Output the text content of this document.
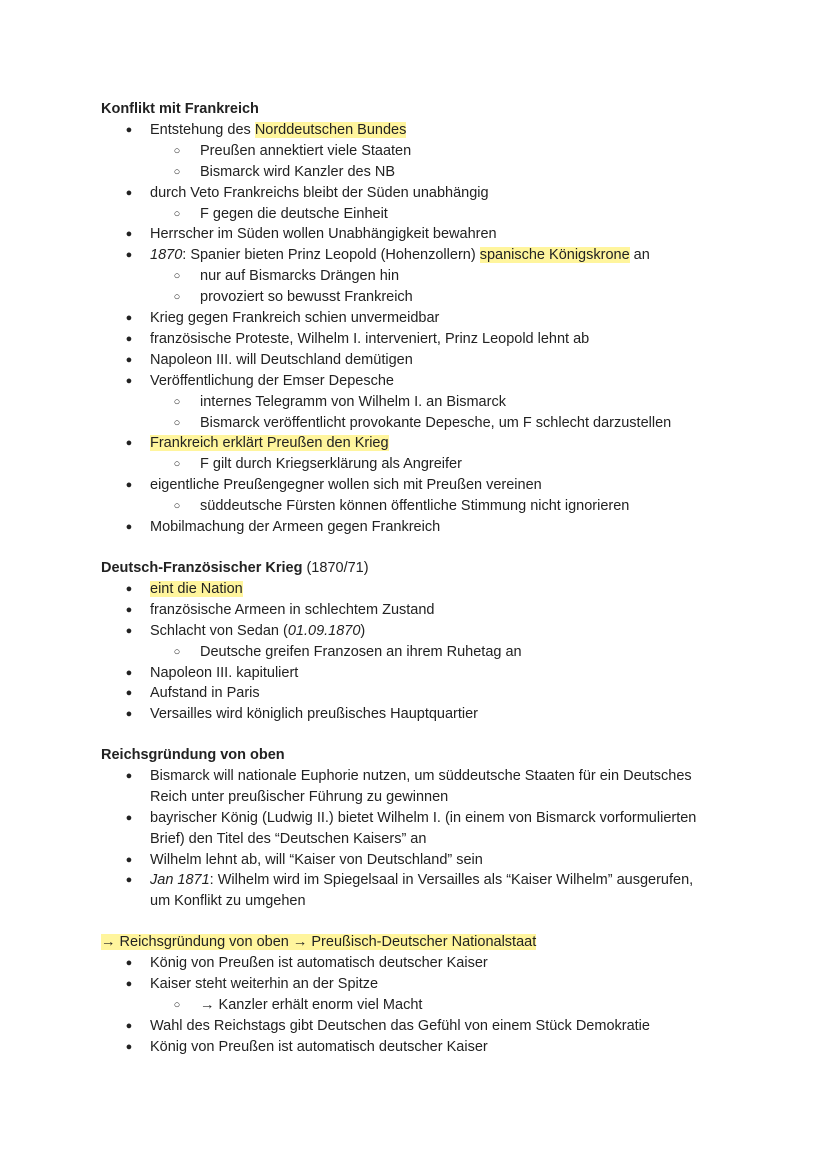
Konflikt mit Frankreich
● Entstehung des Norddeutschen Bundes
○ Preußen annektiert viele Staaten
○ Bismarck wird Kanzler des NB
● durch Veto Frankreichs bleibt der Süden unabhängig
○ F gegen die deutsche Einheit
● Herrscher im Süden wollen Unabhängigkeit bewahren
● 1870: Spanier bieten Prinz Leopold (Hohenzollern) spanische Königskrone an
○ nur auf Bismarcks Drängen hin
○ provoziert so bewusst Frankreich
● Krieg gegen Frankreich schien unvermeidbar
● französische Proteste, Wilhelm I. interveniert, Prinz Leopold lehnt ab
● Napoleon III. will Deutschland demütigen
● Veröffentlichung der Emser Depesche
○ internes Telegramm von Wilhelm I. an Bismarck
○ Bismarck veröffentlicht provokante Depesche, um F schlecht darzustellen
● Frankreich erklärt Preußen den Krieg
○ F gilt durch Kriegserklärung als Angreifer
● eigentliche Preußengegner wollen sich mit Preußen vereinen
○ süddeutsche Fürsten können öffentliche Stimmung nicht ignorieren
● Mobilmachung der Armeen gegen Frankreich
Deutsch-Französischer Krieg (1870/71)
● eint die Nation
● französische Armeen in schlechtem Zustand
● Schlacht von Sedan (01.09.1870)
○ Deutsche greifen Franzosen an ihrem Ruhetag an
● Napoleon III. kapituliert
● Aufstand in Paris
● Versailles wird königlich preußisches Hauptquartier
Reichsgründung von oben
● Bismarck will nationale Euphorie nutzen, um süddeutsche Staaten für ein Deutsches
Reich unter preußischer Führung zu gewinnen
● bayrischer König (Ludwig II.) bietet Wilhelm I. (in einem von Bismarck vorformulierten
Brief) den Titel des “Deutschen Kaisers” an
● Wilhelm lehnt ab, will “Kaiser von Deutschland” sein
● Jan 1871: Wilhelm wird im Spiegelsaal in Versailles als “Kaiser Wilhelm” ausgerufen,
um Konflikt zu umgehen
→ Reichsgründung von oben → Preußisch-Deutscher Nationalstaat
● König von Preußen ist automatisch deutscher Kaiser
● Kaiser steht weiterhin an der Spitze
○ → Kanzler erhält enorm viel Macht
● Wahl des Reichstags gibt Deutschen das Gefühl von einem Stück Demokratie
● König von Preußen ist automatisch deutscher Kaiser
